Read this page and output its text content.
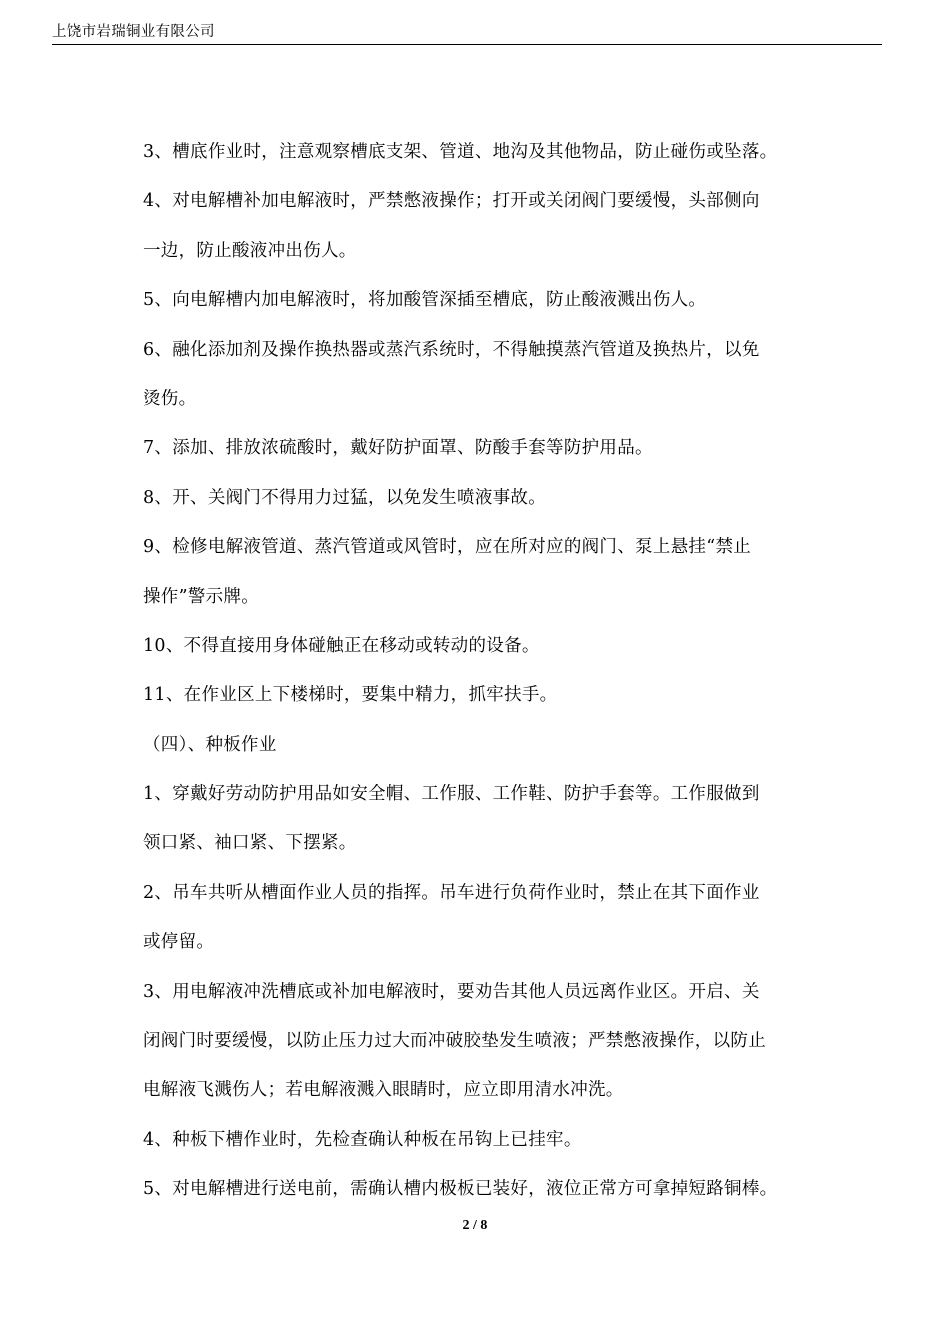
上饶市岩瑞铜业有限公司
3、槽底作业时，注意观察槽底支架、管道、地沟及其他物品，防止碰伤或坠落。
4、对电解槽补加电解液时，严禁憋液操作；打开或关闭阀门要缓慢，头部侧向
一边，防止酸液冲出伤人。
5、向电解槽内加电解液时，将加酸管深插至槽底，防止酸液溅出伤人。
6、融化添加剂及操作换热器或蒸汽系统时，不得触摸蒸汽管道及换热片，以免
烫伤。
7、添加、排放浓硫酸时，戴好防护面罩、防酸手套等防护用品。
8、开、关阀门不得用力过猛，以免发生喷液事故。
9、检修电解液管道、蒸汽管道或风管时，应在所对应的阀门、泵上悬挂“禁止
操作”警示牌。
10、不得直接用身体碰触正在移动或转动的设备。
11、在作业区上下楼梯时，要集中精力，抓牢扶手。
（四）、种板作业
1、穿戴好劳动防护用品如安全帽、工作服、工作鞋、防护手套等。工作服做到
领口紧、袖口紧、下摆紧。
2、吊车共听从槽面作业人员的指挥。吊车进行负荷作业时，禁止在其下面作业
或停留。
3、用电解液冲洗槽底或补加电解液时，要劝告其他人员远离作业区。开启、关
闭阀门时要缓慢，以防止压力过大而冲破胶垫发生喷液；严禁憋液操作，以防止
电解液飞溅伤人；若电解液溅入眼睛时，应立即用清水冲洗。
4、种板下槽作业时，先检查确认种板在吊钩上已挂牢。
5、对电解槽进行送电前，需确认槽内极板已装好，液位正常方可拿掉短路铜棒。
2 / 8
